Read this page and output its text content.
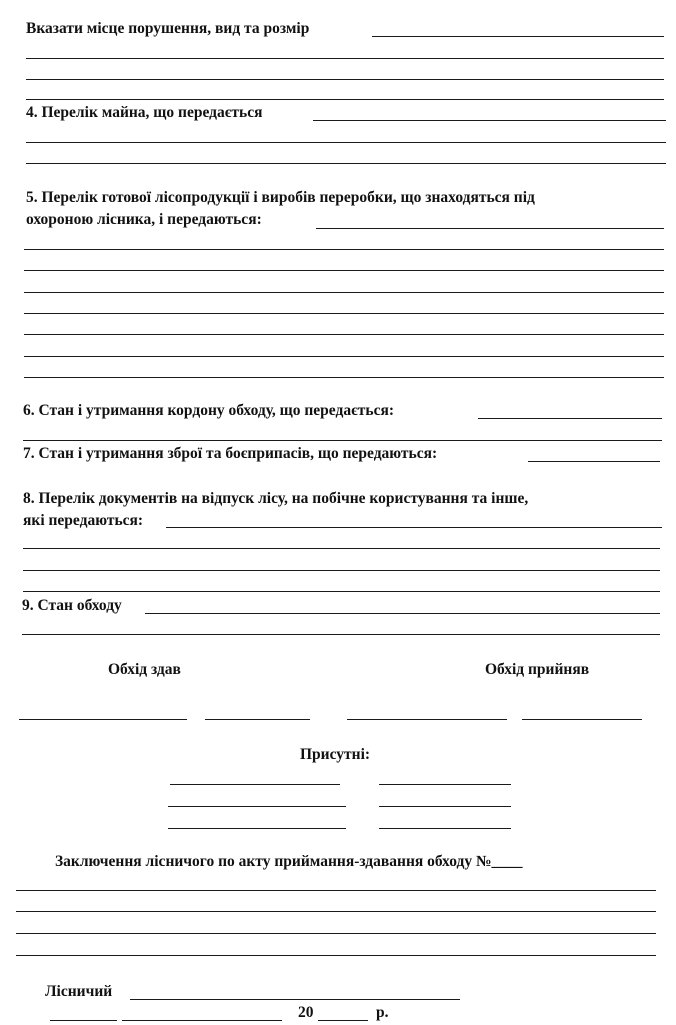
Вказати місце порушення, вид та розмір
4. Перелік майна, що передається
5. Перелік готової лісопродукції і виробів переробки, що знаходяться під
охороною лісника, і передаються:
6. Стан і утримання кордону обходу, що передається:
7. Стан і утримання зброї та боєприпасів, що передаються:
8. Перелік документів на відпуск лісу, на побічне користування та інше,
які передаються:
9. Стан обходу
Обхід здав	Обхід прийняв
Присутні:
Заключення лісничого по акту приймання-здавання обходу №____
Лісничий
20	р.
